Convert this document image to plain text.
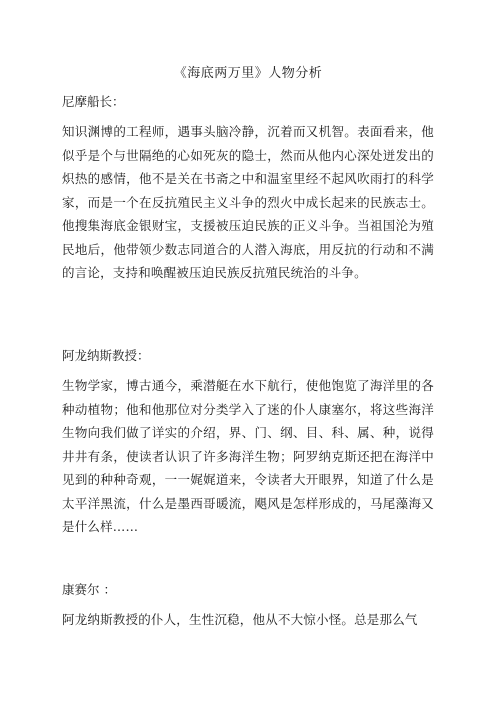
《海底两万里》人物分析

尼摩船长：

知识渊博的工程师，遇事头脑冷静，沉着而又机智。表面看来，他似乎是个与世隔绝的心如死灰的隐士，然而从他内心深处迸发出的炽热的感情，他不是关在书斋之中和温室里经不起风吹雨打的科学家，而是一个在反抗殖民主义斗争的烈火中成长起来的民族志士。他搜集海底金银财宝，支援被压迫民族的正义斗争。当祖国沦为殖民地后，他带领少数志同道合的人潜入海底，用反抗的行动和不满的言论，支持和唤醒被压迫民族反抗殖民统治的斗争。

阿龙纳斯教授：

生物学家，博古通今，乘潜艇在水下航行，使他饱览了海洋里的各种动植物；他和他那位对分类学入了迷的仆人康塞尔，将这些海洋生物向我们做了详实的介绍，界、门、纲、目、科、属、种，说得井井有条，使读者认识了许多海洋生物；阿罗纳克斯还把在海洋中见到的种种奇观，一一娓娓道来，令读者大开眼界，知道了什么是太平洋黑流，什么是墨西哥暖流，飓风是怎样形成的，马尾藻海又是什么样……

康赛尔 ：

阿龙纳斯教授的仆人，生性沉稳，他从不大惊小怪。总是那么气
